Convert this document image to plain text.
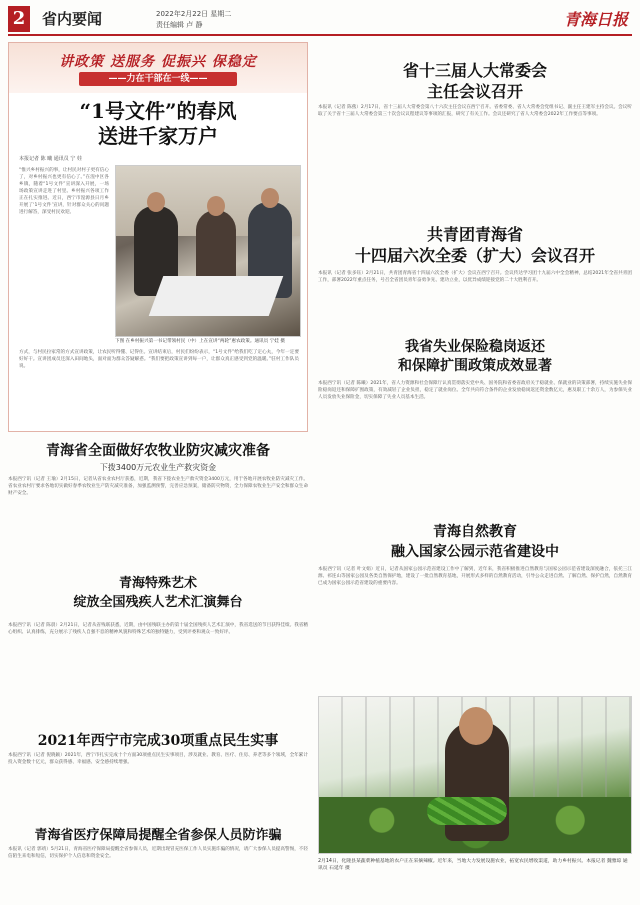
2	省内要闻	2022年2月22日 星期二
责任编辑 卢 静	青海日报
讲政策 送服务 促振兴 保稳定
——力在干部在一线——
“1号文件”的春风
送进千家万户
本报记者 陈 曦 通讯员 宁 娃
“惟兴乡村振兴的事，让村民对村子更有信心了，对乡村振兴也更有信心了。”在湟中区各乡镇，随着“1号文件”宣讲深入开展，一场场政策宣讲走进了村里。乡村振兴各项工作正在扎实推进。近日，西宁市湟源县日月乡开展了‘1号文件’宣讲，针对群众关心的问题进行解答，深受村民欢迎。
下图 在乡村振兴第一书记带领村民（中）上在宣讲“两轮”惠农政策。通讯员 宁娃 摄
方式，与村民拉家常的方式宣讲政策，让农民听得懂、记得住。宣讲结束后，村民们纷纷表示，“1号文件”给我们吃了定心丸，今年一定要好好干。宣讲团成员还深入田间地头，面对面为群众答疑解惑。“我们要把政策宣讲到每一户，让群众真正感受到党的温暖。”驻村工作队员说。
青海省全面做好农牧业防灾减灾准备
下拨3400万元农业生产救灾资金
本报西宁讯（记者 王瑜）2月15日，记者从省农业农村厅获悉，近期，我省下拨农业生产救灾资金3400万元，用于各地开展农牧业防灾减灾工作。省农业农村厅要求各地切实做好春季农牧业生产防灾减灾准备，加强监测预警，完善应急预案，储备防灾物资，全力保障农牧业生产安全和群众生命财产安全。
青海特殊艺术
绽放全国残疾人艺术汇演舞台
本报西宁讯（记者 陈晨）2月21日，记者从省残联获悉，近期，由中国残联主办的第十届全国残疾人艺术汇演中，我省选送的节目获得佳绩。我省精心组织、认真排练，充分展示了残疾人自强不息的精神风貌和特殊艺术的独特魅力，受到评委和观众一致好评。
2021年西宁市完成30项重点民生实事
本报西宁讯（记者 倪晓颖）2021年，西宁市扎实完成十个方面30项重点民生实事项目，涉及就业、教育、医疗、住房、养老等多个领域，全年累计投入资金数十亿元，群众获得感、幸福感、安全感持续增强。
青海省医疗保障局提醒全省参保人员防诈骗
本报讯（记者 郭靖）5月21日，青海省医疗保障局提醒全省参保人员，近期出现冒充医保工作人员实施诈骗的情况，请广大参保人员提高警惕，不轻信陌生来电和短信，切实保护个人信息和资金安全。
省十三届人大常委会
主任会议召开
本报讯（记者 陈燕）2月17日，省十三届人大常委会第八十六次主任会议在西宁召开。省委常委、省人大常委会党组书记、副主任王建军主持会议。会议听取了关于省十三届人大常委会第三十次会议议程建议等事项的汇报，研究了有关工作。会议还研究了省人大常委会2022年工作要点等事项。
共青团青海省
十四届六次全委（扩大）会议召开
本报讯（记者 张多钰）2月21日，共青团青海省十四届六次全委（扩大）会议在西宁召开。会议传达学习团十九届六中全会精神，总结2021年全省共青团工作，部署2022年重点任务，号召全省团员青年奋勇争先、建功立业，以优异成绩迎接党的二十大胜利召开。
我省失业保险稳岗返还
和保障扩围政策成效显著
本报西宁讯（记者 陈曦）2021年，省人力资源和社会保障厅认真贯彻落实党中央、国务院和省委省政府关于稳就业、保就业的决策部署，持续实施失业保险稳岗返还和保障扩围政策，有效减轻了企业负担，稳定了就业岗位。全年共向符合条件的企业发放稳岗返还资金数亿元，惠及职工十余万人，为参保失业人员发放失业保险金，切实保障了失业人员基本生活。
青海自然教育
融入国家公园示范省建设中
本报西宁讯（记者 叶文娟）近日，记者从国家公园示范省建设工作中了解到，近年来，我省积极推进自然教育与国家公园示范省建设深度融合，依托三江源、祁连山等国家公园及各类自然保护地，建设了一批自然教育基地，开展形式多样的自然教育活动，引导公众走进自然、了解自然、保护自然，自然教育已成为国家公园示范省建设的重要内容。
2月14日，化隆县某蔬菜种植基地的农户正在采摘辣椒。近年来，当地大力发展设施农业，拓宽农民增收渠道，助力乡村振兴。本报记者 魏雅琼 通讯员 石延年 摄
